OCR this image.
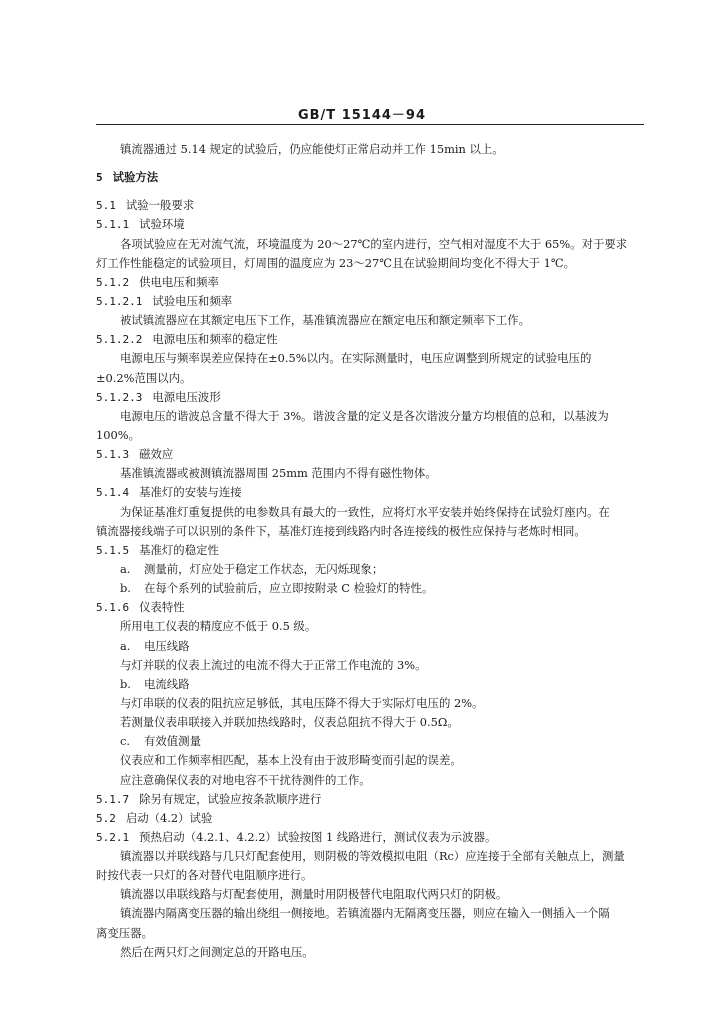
GB/T 15144－94
镇流器通过 5.14 规定的试验后，仍应能使灯正常启动并工作 15min 以上。
5 试验方法
5.1 试验一般要求
5.1.1 试验环境
各项试验应在无对流气流，环境温度为 20～27℃的室内进行，空气相对湿度不大于 65%。对于要求
灯工作性能稳定的试验项目，灯周围的温度应为 23～27℃且在试验期间均变化不得大于 1℃。
5.1.2 供电电压和频率
5.1.2.1 试验电压和频率
被试镇流器应在其额定电压下工作，基准镇流器应在额定电压和额定频率下工作。
5.1.2.2 电源电压和频率的稳定性
电源电压与频率误差应保持在±0.5%以内。在实际测量时，电压应调整到所规定的试验电压的
±0.2%范围以内。
5.1.2.3 电源电压波形
电源电压的谐波总含量不得大于 3%。谐波含量的定义是各次谐波分量方均根值的总和，以基波为
100%。
5.1.3 磁效应
基准镇流器或被测镇流器周围 25mm 范围内不得有磁性物体。
5.1.4 基准灯的安装与连接
为保证基准灯重复提供的电参数具有最大的一致性，应将灯水平安装并始终保持在试验灯座内。在
镇流器接线端子可以识别的条件下，基准灯连接到线路内时各连接线的极性应保持与老炼时相同。
5.1.5 基准灯的稳定性
a. 测量前，灯应处于稳定工作状态，无闪烁现象；
b. 在每个系列的试验前后，应立即按附录 C 检验灯的特性。
5.1.6 仪表特性
所用电工仪表的精度应不低于 0.5 级。
a. 电压线路
与灯并联的仪表上流过的电流不得大于正常工作电流的 3%。
b. 电流线路
与灯串联的仪表的阻抗应足够低，其电压降不得大于实际灯电压的 2%。
若测量仪表串联接入并联加热线路时，仪表总阻抗不得大于 0.5Ω。
c. 有效值测量
仪表应和工作频率相匹配，基本上没有由于波形畸变而引起的误差。
应注意确保仪表的对地电容不干扰待测件的工作。
5.1.7 除另有规定，试验应按条款顺序进行
5.2 启动（4.2）试验
5.2.1 预热启动（4.2.1、4.2.2）试验按图 1 线路进行，测试仪表为示波器。
镇流器以并联线路与几只灯配套使用，则阴极的等效模拟电阻（Rc）应连接于全部有关触点上，测量
时按代表一只灯的各对替代电阻顺序进行。
镇流器以串联线路与灯配套使用，测量时用阴极替代电阻取代两只灯的阴极。
镇流器内隔离变压器的输出绕组一侧接地。若镇流器内无隔离变压器，则应在输入一侧插入一个隔
离变压器。
然后在两只灯之间测定总的开路电压。
